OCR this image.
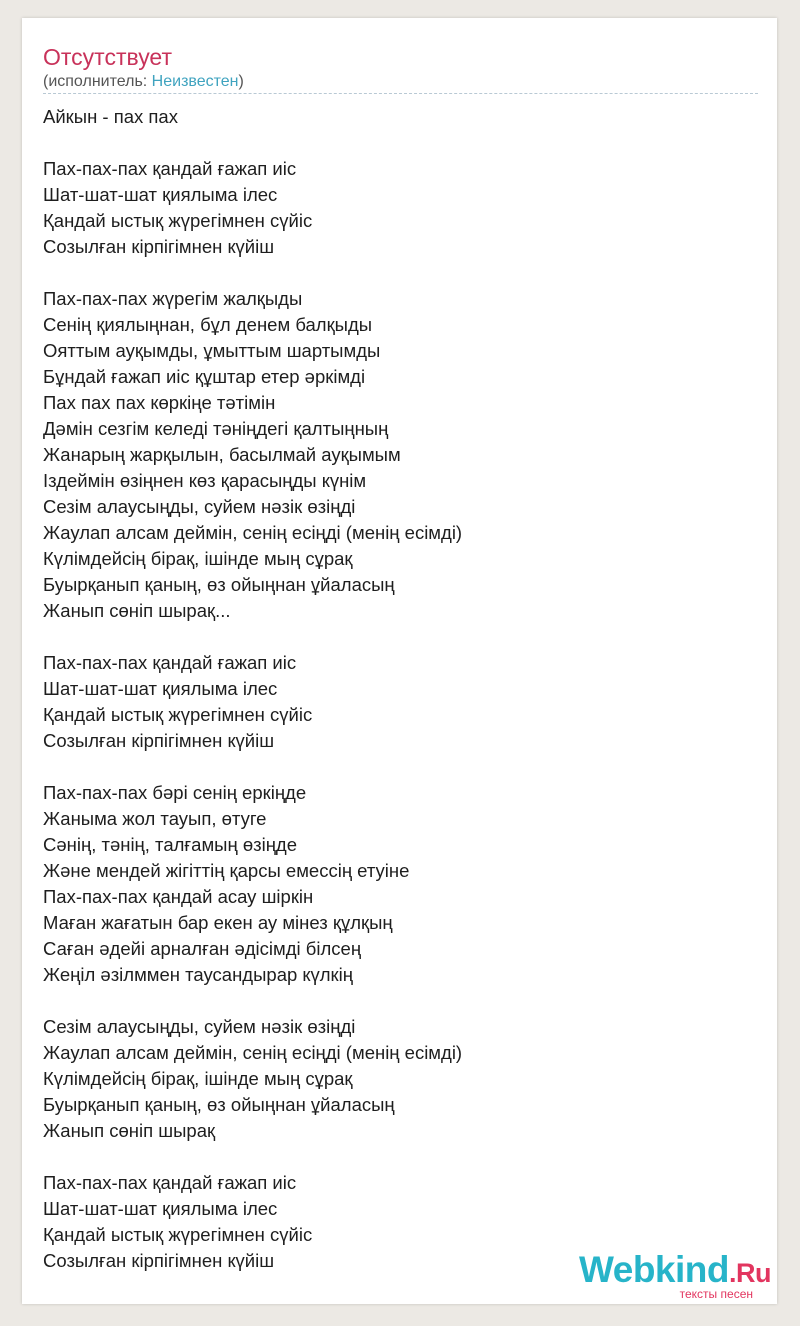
Отсутствует
(исполнитель: Неизвестен)
Айкын - пах пах
Пах-пах-пах қандай ғажап иіс
Шат-шат-шат қиялыма ілес
Қандай ыстық жүрегімнен сүйіс
Созылған кірпігімнен күйіш
Пах-пах-пах жүрегім жалқыды
Сенің қиялыңнан, бұл денем балқыды
Ояттым ауқымды, ұмыттым шартымды
Бұндай ғажап иіс құштар етер әркімді
Пах пах пах көркіңе тәтімін
Дәмін сезгім келеді тәніңдегі қалтыңның
Жанарың жарқылын, басылмай ауқымым
Іздеймін өзіңнен көз қарасыңды күнім
Сезім алаусыңды, суйем нәзік өзіңді
Жаулап алсам деймін, сенің есіңді (менің есімді)
Күлімдейсің бірақ, ішінде мың сұрақ
Буырқанып қаның, өз ойыңнан ұйаласың
Жанып сөніп шырақ...
Пах-пах-пах қандай ғажап иіс
Шат-шат-шат қиялыма ілес
Қандай ыстық жүрегімнен сүйіс
Созылған кірпігімнен күйіш
Пах-пах-пах бәрі сенің еркіңде
Жаныма жол тауып, өтуге
Сәнің, тәнің, талғамың өзіңде
Және мендей жігіттің қарсы емессің етуіне
Пах-пах-пах қандай асау шіркін
Маған жағатын бар екен ау мінез құлқың
Саған әдейі арналған әдісімді білсең
Жеңіл әзілммен таусандырар күлкің
Сезім алаусыңды, суйем нәзік өзіңді
Жаулап алсам деймін, сенің есіңді (менің есімді)
Күлімдейсің бірақ, ішінде мың сұрақ
Буырқанып қаның, өз ойыңнан ұйаласың
Жанып сөніп шырақ
Пах-пах-пах қандай ғажап иіс
Шат-шат-шат қиялыма ілес
Қандай ыстық жүрегімнен сүйіс
Созылған кірпігімнен күйіш	Webkind.Ru
тексты песен
